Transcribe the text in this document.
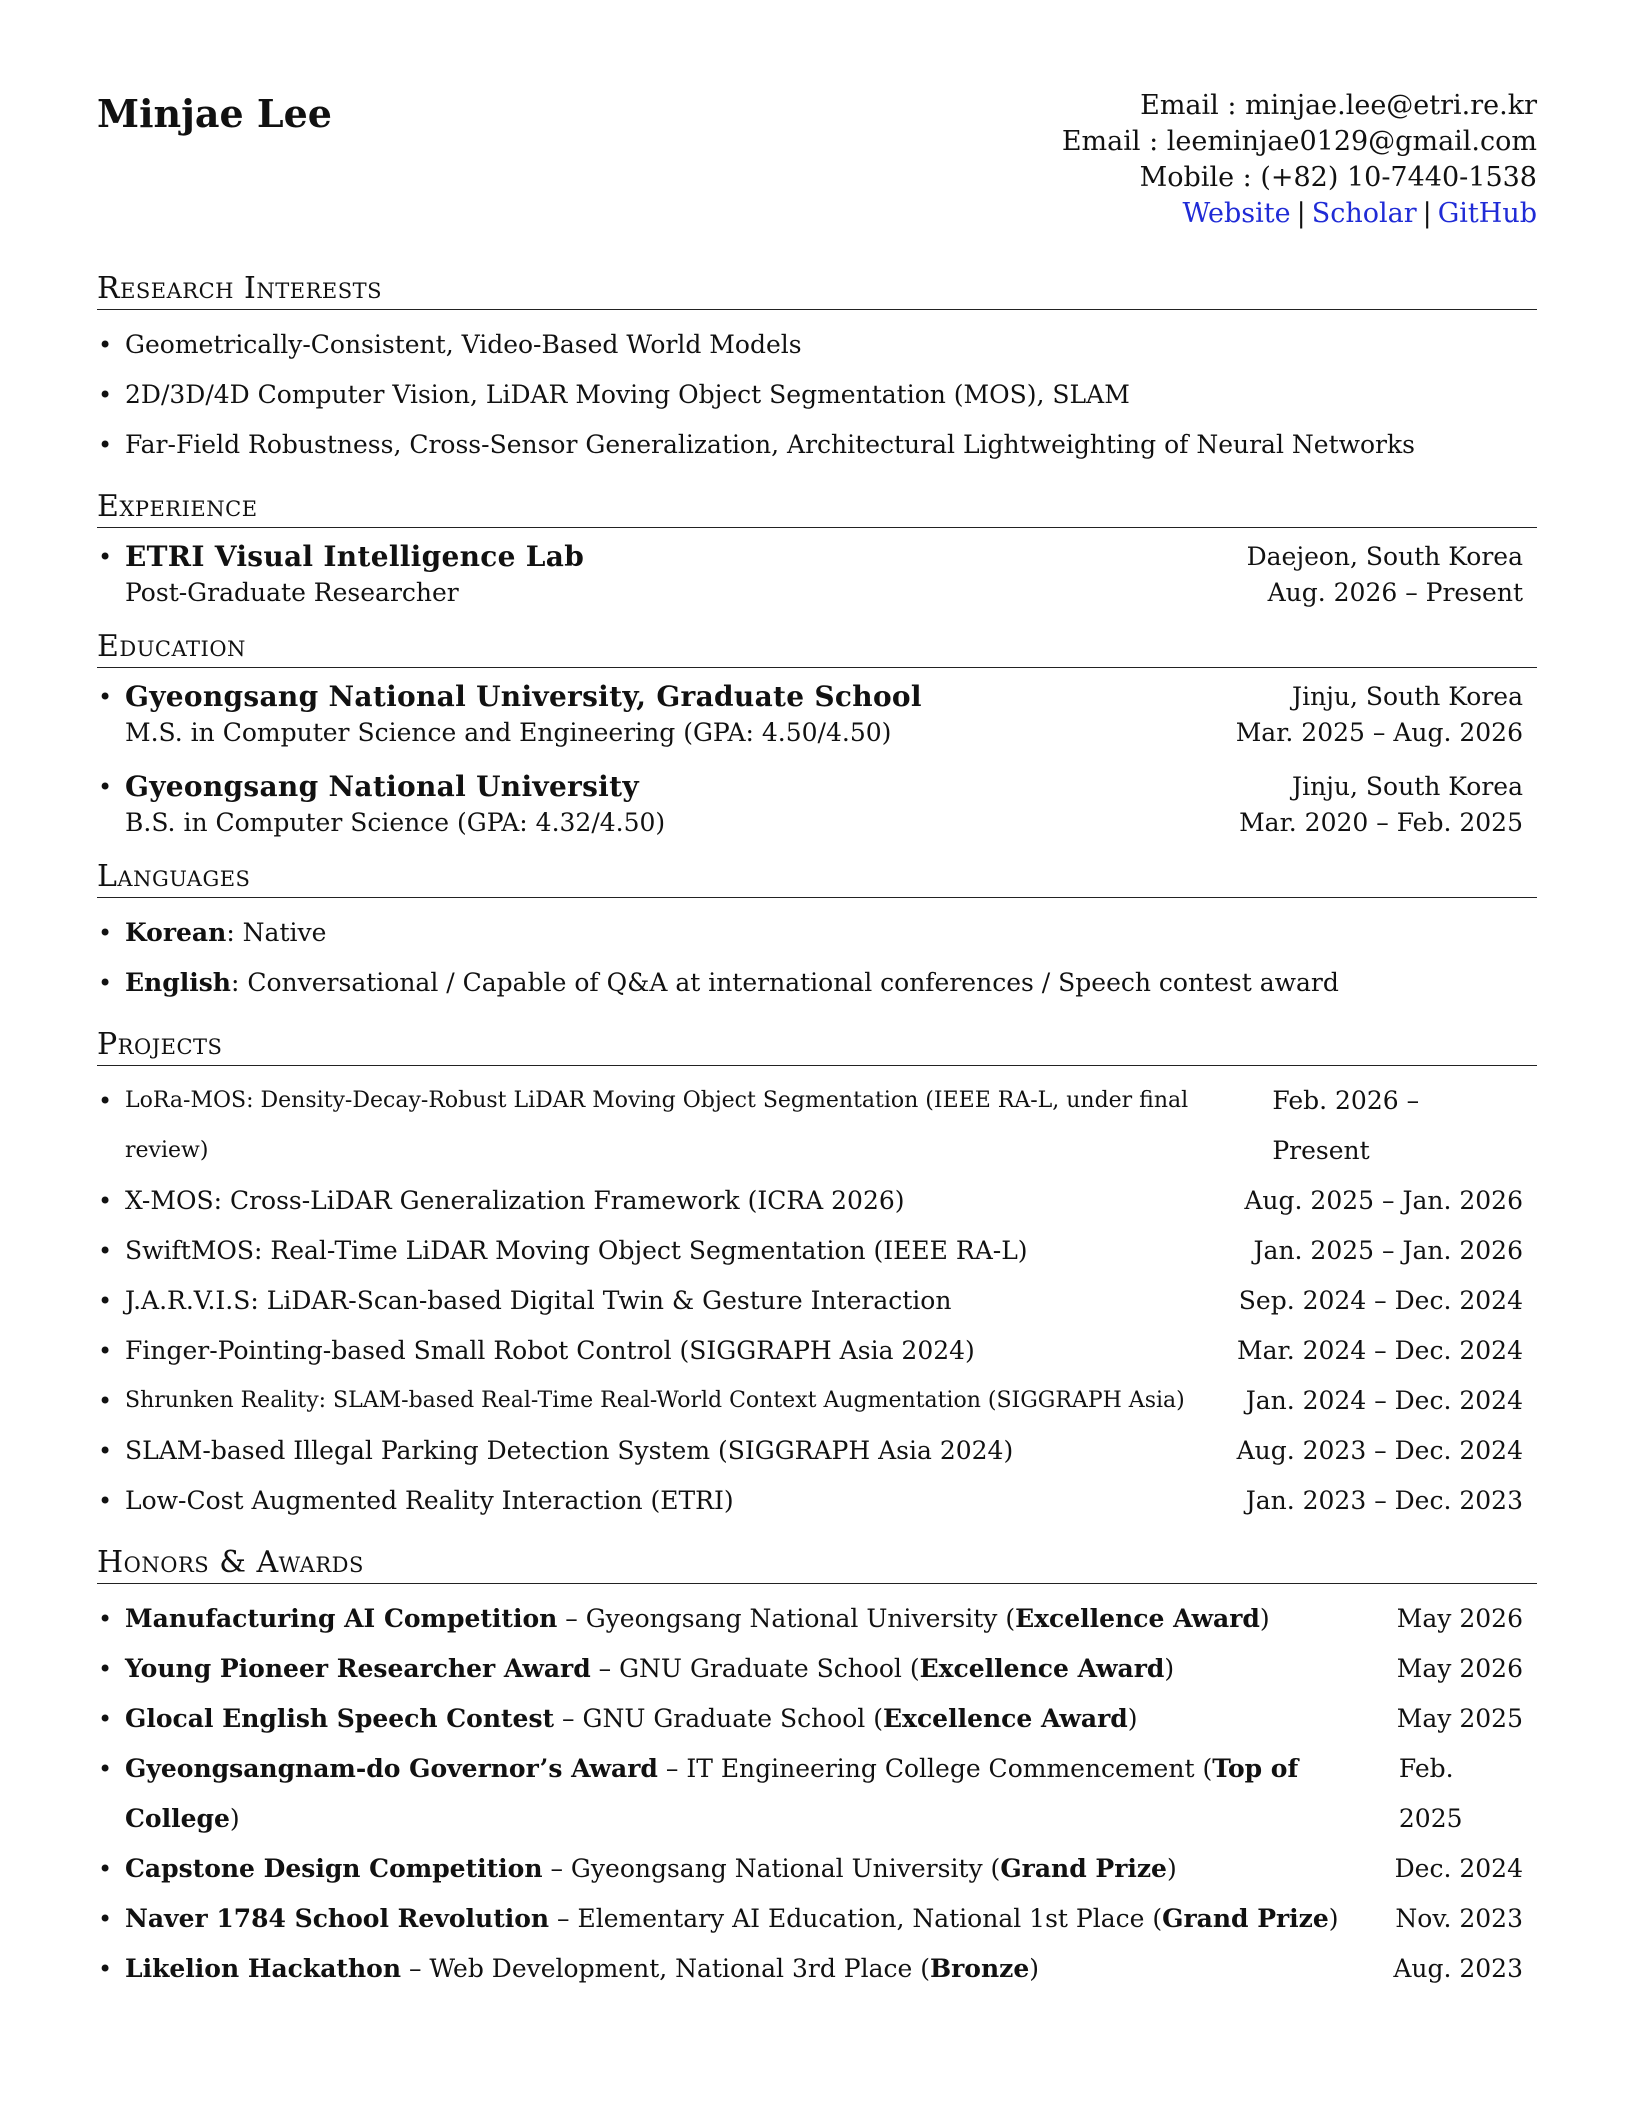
Minjae Lee	Email : minjae.lee@etri.re.kr
Email : leeminjae0129@gmail.com
Mobile : (+82) 10-7440-1538
Website | Scholar | GitHub
Research Interests
• Geometrically-Consistent, Video-Based World Models
• 2D/3D/4D Computer Vision, LiDAR Moving Object Segmentation (MOS), SLAM
• Far-Field Robustness, Cross-Sensor Generalization, Architectural Lightweighting of Neural Networks
Experience
• ETRI Visual Intelligence Lab	Daejeon, South Korea
Post-Graduate Researcher	Aug. 2026 – Present
Education
• Gyeongsang National University, Graduate School	Jinju, South Korea
M.S. in Computer Science and Engineering (GPA: 4.50/4.50)	Mar. 2025 – Aug. 2026
• Gyeongsang National University	Jinju, South Korea
B.S. in Computer Science (GPA: 4.32/4.50)	Mar. 2020 – Feb. 2025
Languages
• Korean: Native
• English: Conversational / Capable of Q&A at international conferences / Speech contest award
Projects
• LoRa-MOS: Density-Decay-Robust LiDAR Moving Object Segmentation (IEEE RA-L, under final review)
Feb. 2026 – Present
• X-MOS: Cross-LiDAR Generalization Framework (ICRA 2026)	Aug. 2025 – Jan. 2026
• SwiftMOS: Real-Time LiDAR Moving Object Segmentation (IEEE RA-L)	Jan. 2025 – Jan. 2026
• J.A.R.V.I.S: LiDAR-Scan-based Digital Twin & Gesture Interaction	Sep. 2024 – Dec. 2024
• Finger-Pointing-based Small Robot Control (SIGGRAPH Asia 2024)	Mar. 2024 – Dec. 2024
• Shrunken Reality: SLAM-based Real-Time Real-World Context Augmentation (SIGGRAPH Asia) Jan. 2024 – Dec. 2024
• SLAM-based Illegal Parking Detection System (SIGGRAPH Asia 2024)	Aug. 2023 – Dec. 2024
• Low-Cost Augmented Reality Interaction (ETRI)	Jan. 2023 – Dec. 2023
Honors & Awards
• Manufacturing AI Competition – Gyeongsang National University (Excellence Award)	May 2026
• Young Pioneer Researcher Award – GNU Graduate School (Excellence Award)	May 2026
• Glocal English Speech Contest – GNU Graduate School (Excellence Award)	May 2025
• Gyeongsangnam-do Governor’s Award – IT Engineering College Commencement (Top of College)
Feb. 2025
• Capstone Design Competition – Gyeongsang National University (Grand Prize)	Dec. 2024
• Naver 1784 School Revolution – Elementary AI Education, National 1st Place (Grand Prize) Nov. 2023
• Likelion Hackathon – Web Development, National 3rd Place (Bronze)	Aug. 2023
